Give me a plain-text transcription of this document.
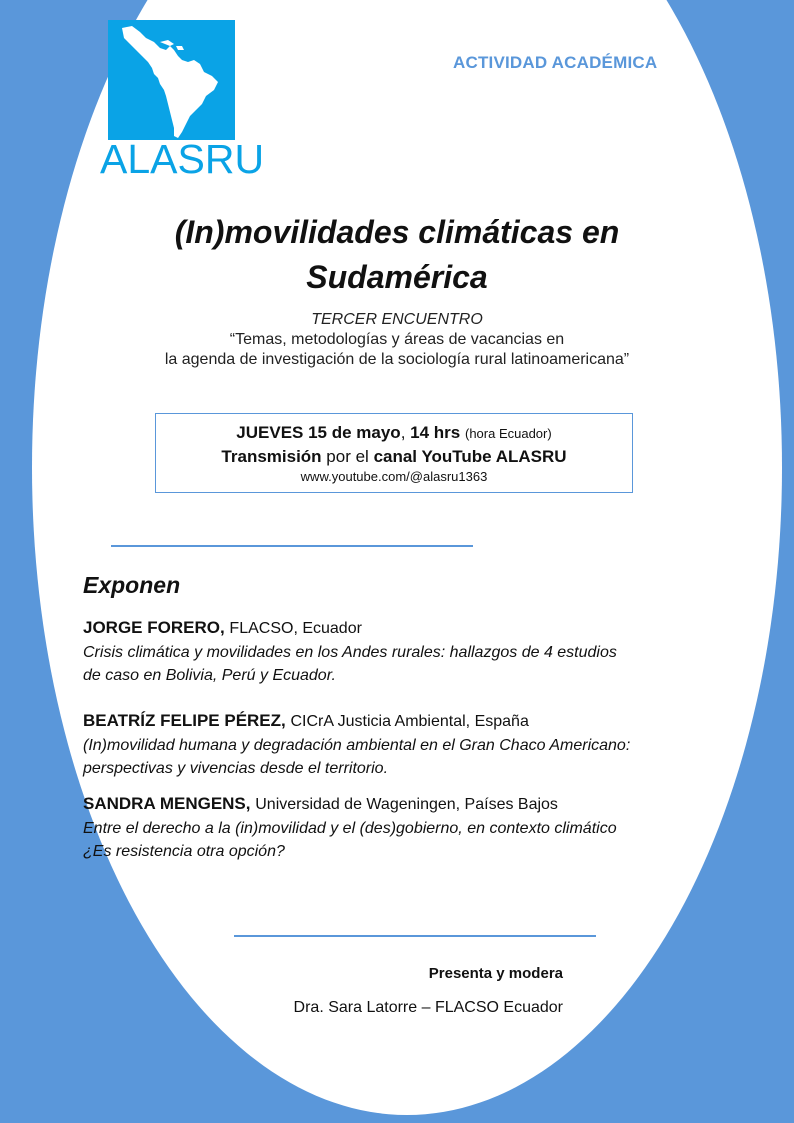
ALASRU
ACTIVIDAD ACADÉMICA
(In)movilidades climáticas en
Sudamérica
TERCER ENCUENTRO
“Temas, metodologías y áreas de vacancias en
la agenda de investigación de la sociología rural latinoamericana”
JUEVES 15 de mayo, 14 hrs (hora Ecuador)
Transmisión por el canal YouTube ALASRU
www.youtube.com/@alasru1363
Exponen
JORGE FORERO, FLACSO, Ecuador
Crisis climática y movilidades en los Andes rurales: hallazgos de 4 estudios
de caso en Bolivia, Perú y Ecuador.
BEATRÍZ FELIPE PÉREZ, CICrA Justicia Ambiental, España
(In)movilidad humana y degradación ambiental en el Gran Chaco Americano:
perspectivas y vivencias desde el territorio.
SANDRA MENGENS, Universidad de Wageningen, Países Bajos
Entre el derecho a la (in)movilidad y el (des)gobierno, en contexto climático
¿Es resistencia otra opción?
Presenta y modera
Dra. Sara Latorre – FLACSO Ecuador
